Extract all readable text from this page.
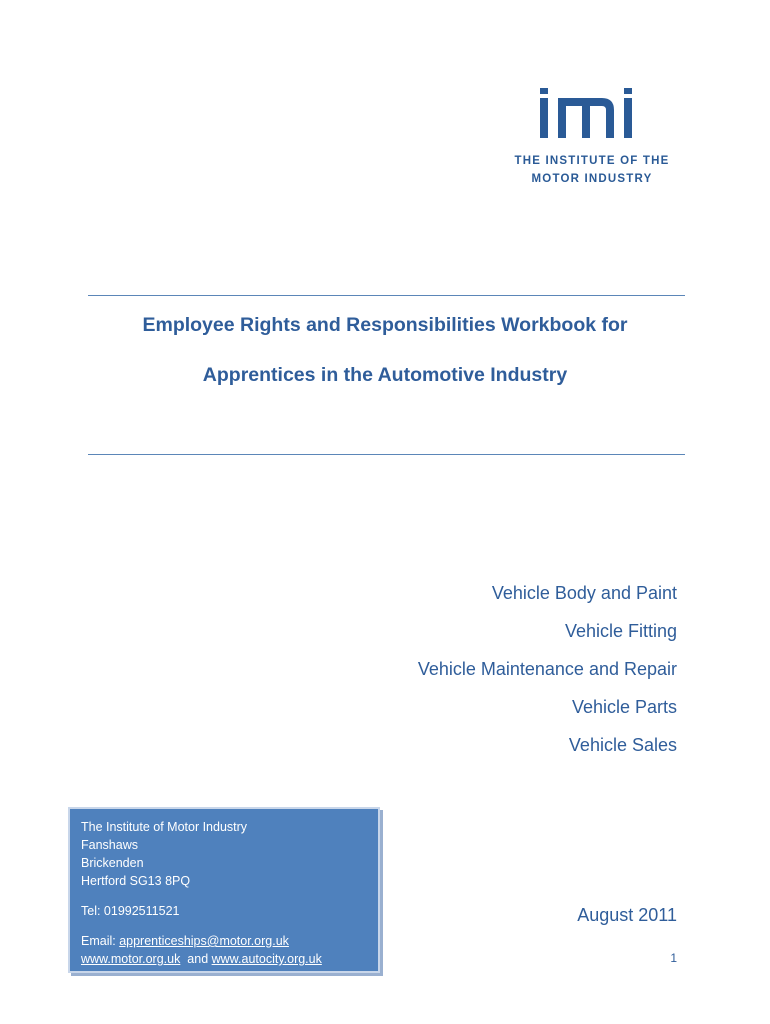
THE INSTITUTE OF THE
MOTOR INDUSTRY
Employee Rights and Responsibilities Workbook for
Apprentices in the Automotive Industry
Vehicle Body and Paint
Vehicle Fitting
Vehicle Maintenance and Repair
Vehicle Parts
Vehicle Sales
The Institute of Motor Industry
Fanshaws
Brickenden
Hertford SG13 8PQ
Tel: 01992511521
Email: apprenticeships@motor.org.uk
www.motor.org.uk  and www.autocity.org.uk
August 2011
1
